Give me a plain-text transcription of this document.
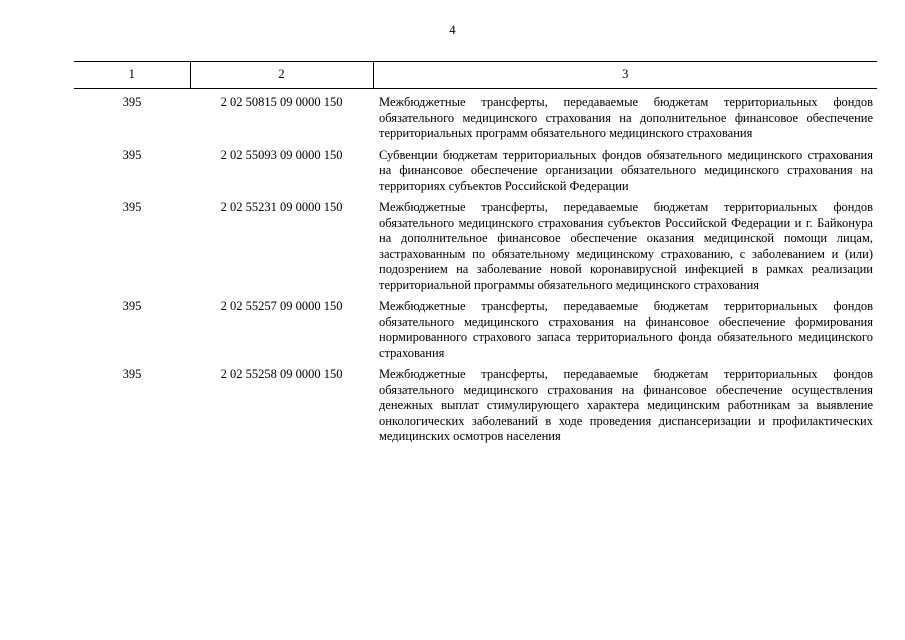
4
1	2	3
395	2 02 50815 09 0000 150	Межбюджетные трансферты, передаваемые бюджетам территориальных фондов обязательного медицинского страхования на дополнительное финансовое обеспечение территориальных программ обязательного медицинского страхования
395	2 02 55093 09 0000 150	Субвенции бюджетам территориальных фондов обязательного медицинского страхования на финансовое обеспечение организации обязательного медицинского страхования на территориях субъектов Российской Федерации
395	2 02 55231 09 0000 150	Межбюджетные трансферты, передаваемые бюджетам территориальных фондов обязательного медицинского страхования субъектов Российской Федерации и г. Байконура на дополнительное финансовое обеспечение оказания медицинской помощи лицам, застрахованным по обязательному медицинскому страхованию, с заболеванием и (или) подозрением на заболевание новой коронавирусной инфекцией в рамках реализации территориальной программы обязательного медицинского страхования
395	2 02 55257 09 0000 150	Межбюджетные трансферты, передаваемые бюджетам территориальных фондов обязательного медицинского страхования на финансовое обеспечение формирования нормированного страхового запаса территориального фонда обязательного медицинского страхования
395	2 02 55258 09 0000 150	Межбюджетные трансферты, передаваемые бюджетам территориальных фондов обязательного медицинского страхования на финансовое обеспечение осуществления денежных выплат стимулирующего характера медицинским работникам за выявление онкологических заболеваний в ходе проведения диспансеризации и профилактических медицинских осмотров населения
